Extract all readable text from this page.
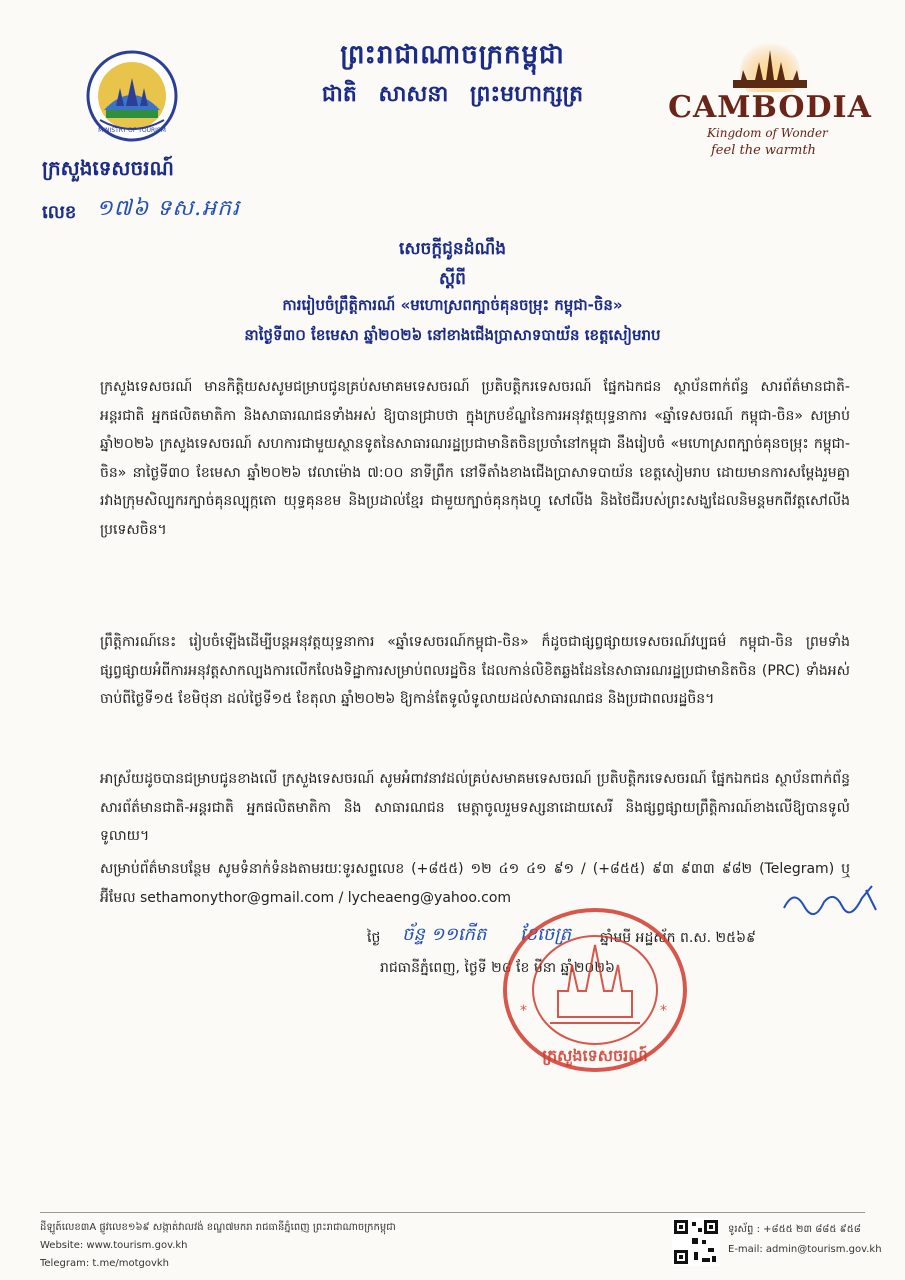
MINISTRY OF TOURISM
ព្រះរាជាណាចក្រកម្ពុជា
ជាតិ សាសនា ព្រះមហាក្សត្រ	CAMBODIA
Kingdom of Wonder
feel the warmth
ក្រសួងទេសចរណ៍
លេខ ១៧៦ ទស.អករ
សេចក្តីជូនដំណឹង
ស្តីពី
ការរៀបចំព្រឹត្តិការណ៍ «មហោស្រពក្បាច់គុនចម្រុះ កម្ពុជា-ចិន»
នាថ្ងៃទី៣០ ខែមេសា ឆ្នាំ២០២៦ នៅខាងជើងប្រាសាទបាយ័ន ខេត្តសៀមរាប
ក្រសួងទេសចរណ៍ មានកិត្តិយសសូមជម្រាបជូនគ្រប់សមាគមទេសចរណ៍ ប្រតិបត្តិករទេសចរណ៍ ផ្នែកឯកជន ស្ថាប័នពាក់ព័ន្ធ សារព័ត៌មានជាតិ-អន្តរជាតិ អ្នកផលិតមាតិកា និងសាធារណជនទាំងអស់ ឱ្យបានជ្រាបថា ក្នុងក្របខ័ណ្ឌនៃការអនុវត្តយុទ្ធនាការ «ឆ្នាំទេសចរណ៍ កម្ពុជា-ចិន» សម្រាប់ឆ្នាំ២០២៦ ក្រសួងទេសចរណ៍ សហការជាមួយស្ថានទូតនៃសាធារណរដ្ឋប្រជាមានិតចិនប្រចាំនៅកម្ពុជា នឹងរៀបចំ «មហោស្រពក្បាច់គុនចម្រុះ កម្ពុជា-ចិន» នាថ្ងៃទី៣០ ខែមេសា ឆ្នាំ២០២៦ វេលាម៉ោង ៧:០០ នាទីព្រឹក នៅទីតាំងខាងជើងប្រាសាទបាយ័ន ខេត្តសៀមរាប ដោយមានការសម្តែងរួមគ្នារវាងក្រុមសិល្បករក្បាច់គុនល្បុក្កតោ យុទ្ធគុនខម និងប្រដាល់ខ្មែរ ជាមួយក្បាច់គុនកុងហ្វូ សៅលីង និងថៃជីរបស់ព្រះសង្ឃដែលនិមន្តមកពីវត្តសៅលីង ប្រទេសចិន។
ព្រឹត្តិការណ៍នេះ រៀបចំឡើងដើម្បីបន្តអនុវត្តយុទ្ធនាការ «ឆ្នាំទេសចរណ៍កម្ពុជា-ចិន» ក៏ដូចជាផ្សព្វផ្សាយទេសចរណ៍វប្បធម៌ កម្ពុជា-ចិន ព្រមទាំងផ្សព្វផ្សាយអំពីការអនុវត្តសាកល្បងការលើកលែងទិដ្ឋាការសម្រាប់ពលរដ្ឋចិន ដែលកាន់លិខិតឆ្លងដែននៃសាធារណរដ្ឋប្រជាមានិតចិន (PRC) ទាំងអស់ ចាប់ពីថ្ងៃទី១៥ ខែមិថុនា ដល់ថ្ងៃទី១៥ ខែតុលា ឆ្នាំ២០២៦ ឱ្យកាន់តែទូលំទូលាយដល់សាធារណជន និងប្រជាពលរដ្ឋចិន។
អាស្រ័យដូចបានជម្រាបជូនខាងលើ ក្រសួងទេសចរណ៍ សូមអំពាវនាវដល់គ្រប់សមាគមទេសចរណ៍ ប្រតិបត្តិករទេសចរណ៍ ផ្នែកឯកជន ស្ថាប័នពាក់ព័ន្ធ សារព័ត៌មានជាតិ-អន្តរជាតិ អ្នកផលិតមាតិកា និង សាធារណជន មេត្តាចូលរួមទស្សនាដោយសេរី និងផ្សព្វផ្សាយព្រឹត្តិការណ៍ខាងលើឱ្យបានទូលំទូលាយ។
សម្រាប់ព័ត៌មានបន្ថែម សូមទំនាក់ទំនងតាមរយៈទូរសព្ទលេខ (+៨៥៥) ១២ ៤១ ៤១ ៩១ / (+៨៥៥) ៩៣ ៩៣៣ ៩៨២ (Telegram) ឬអ៊ីមែល sethamonythor@gmail.com / lycheaeng@yahoo.com
ថ្ងៃ ច័ន្ទ ១១កើត ខែចេត្រ ឆ្នាំមមី អដ្ឋស័ក ព.ស. ២៥៦៩
រាជធានីភ្នំពេញ, ថ្ងៃទី ២៨ ខែ មីនា ឆ្នាំ២០២៦
*	*
ក្រសួងទេសចរណ៍
ដីឡូត៍លេខ៣A ផ្លូវលេខ១៦៩ សង្កាត់វាលវង់ ខណ្ឌ៧មករា រាជធានីភ្នំពេញ ព្រះរាជាណាចក្រកម្ពុជា
Website: www.tourism.gov.kh
Telegram: t.me/motgovkh
ទូរស័ព្ទ : +៨៥៥ ២៣ ៨៨៥ ៩៥៨
E-mail: admin@tourism.gov.kh
